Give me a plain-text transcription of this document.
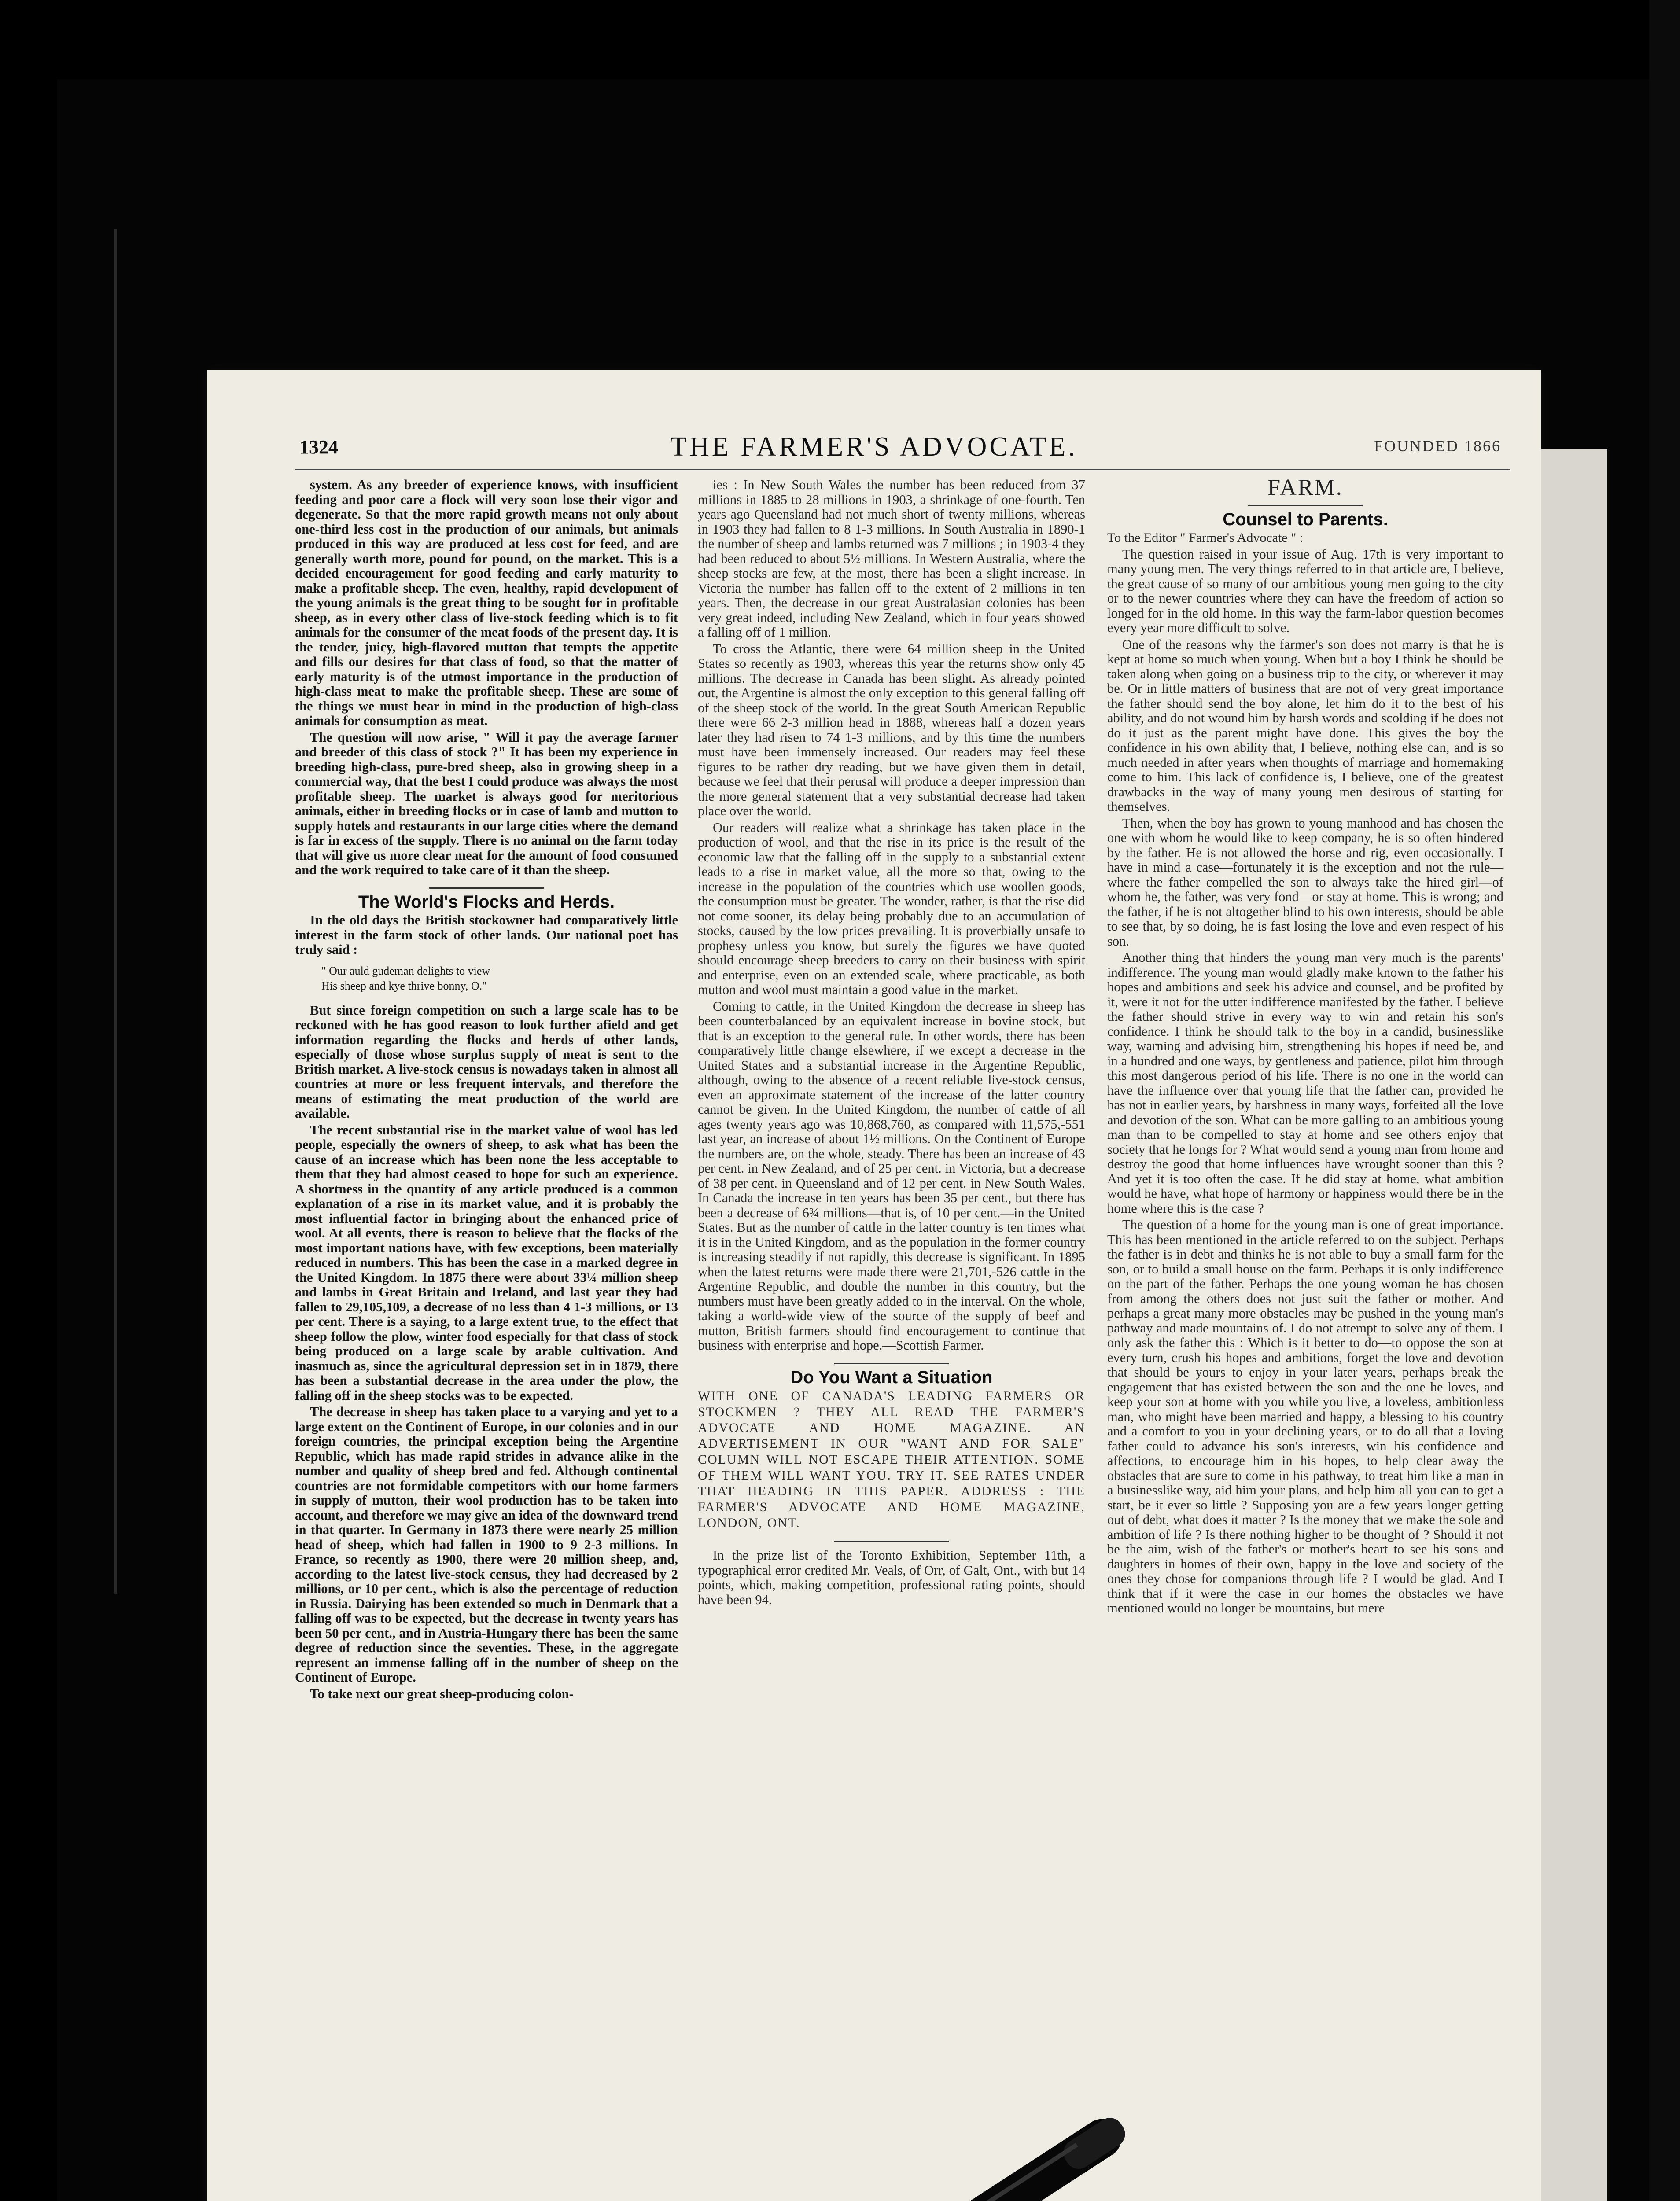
1324	THE FARMER'S ADVOCATE.	FOUNDED 1866

system. As any breeder of experience knows, with insufficient feeding and poor care a flock will very soon lose their vigor and degenerate. So that the more rapid growth means not only about one-third less cost in the production of our animals, but animals produced in this way are produced at less cost for feed, and are generally worth more, pound for pound, on the market. This is a decided encouragement for good feeding and early maturity to make a profitable sheep. The even, healthy, rapid development of the young animals is the great thing to be sought for in profitable sheep, as in every other class of live-stock feeding which is to fit animals for the consumer of the meat foods of the present day. It is the tender, juicy, high-flavored mutton that tempts the appetite and fills our desires for that class of food, so that the matter of early maturity is of the utmost importance in the production of high-class meat to make the profitable sheep. These are some of the things we must bear in mind in the production of high-class animals for consumption as meat.

The question will now arise, " Will it pay the average farmer and breeder of this class of stock ?" It has been my experience in breeding high-class, pure-bred sheep, also in growing sheep in a commercial way, that the best I could produce was always the most profitable sheep. The market is always good for meritorious animals, either in breeding flocks or in case of lamb and mutton to supply hotels and restaurants in our large cities where the demand is far in excess of the supply. There is no animal on the farm today that will give us more clear meat for the amount of food consumed and the work required to take care of it than the sheep.

The World's Flocks and Herds.

In the old days the British stockowner had comparatively little interest in the farm stock of other lands. Our national poet has truly said :

" Our auld gudeman delights to view
His sheep and kye thrive bonny, O."

But since foreign competition on such a large scale has to be reckoned with he has good reason to look further afield and get information regarding the flocks and herds of other lands, especially of those whose surplus supply of meat is sent to the British market. A live-stock census is nowadays taken in almost all countries at more or less frequent intervals, and therefore the means of estimating the meat production of the world are available.

The recent substantial rise in the market value of wool has led people, especially the owners of sheep, to ask what has been the cause of an increase which has been none the less acceptable to them that they had almost ceased to hope for such an experience. A shortness in the quantity of any article produced is a common explanation of a rise in its market value, and it is probably the most influential factor in bringing about the enhanced price of wool. At all events, there is reason to believe that the flocks of the most important nations have, with few exceptions, been materially reduced in numbers. This has been the case in a marked degree in the United Kingdom. In 1875 there were about 33¼ million sheep and lambs in Great Britain and Ireland, and last year they had fallen to 29,105,109, a decrease of no less than 4 1-3 millions, or 13 per cent. There is a saying, to a large extent true, to the effect that sheep follow the plow, winter food especially for that class of stock being produced on a large scale by arable cultivation. And inasmuch as, since the agricultural depression set in in 1879, there has been a substantial decrease in the area under the plow, the falling off in the sheep stocks was to be expected.

The decrease in sheep has taken place to a varying and yet to a large extent on the Continent of Europe, in our colonies and in our foreign countries, the principal exception being the Argentine Republic, which has made rapid strides in advance alike in the number and quality of sheep bred and fed. Although continental countries are not formidable competitors with our home farmers in supply of mutton, their wool production has to be taken into account, and therefore we may give an idea of the downward trend in that quarter. In Germany in 1873 there were nearly 25 million head of sheep, which had fallen in 1900 to 9 2-3 millions. In France, so recently as 1900, there were 20 million sheep, and, according to the latest live-stock census, they had decreased by 2 millions, or 10 per cent., which is also the percentage of reduction in Russia. Dairying has been extended so much in Denmark that a falling off was to be expected, but the decrease in twenty years has been 50 per cent., and in Austria-Hungary there has been the same degree of reduction since the seventies. These, in the aggregate represent an immense falling off in the number of sheep on the Continent of Europe.

To take next our great sheep-producing colon-

ies : In New South Wales the number has been reduced from 37 millions in 1885 to 28 millions in 1903, a shrinkage of one-fourth. Ten years ago Queensland had not much short of twenty millions, whereas in 1903 they had fallen to 8 1-3 millions. In South Australia in 1890-1 the number of sheep and lambs returned was 7 millions ; in 1903-4 they had been reduced to about 5½ millions. In Western Australia, where the sheep stocks are few, at the most, there has been a slight increase. In Victoria the number has fallen off to the extent of 2 millions in ten years. Then, the decrease in our great Australasian colonies has been very great indeed, including New Zealand, which in four years showed a falling off of 1 million.

To cross the Atlantic, there were 64 million sheep in the United States so recently as 1903, whereas this year the returns show only 45 millions. The decrease in Canada has been slight. As already pointed out, the Argentine is almost the only exception to this general falling off of the sheep stock of the world. In the great South American Republic there were 66 2-3 million head in 1888, whereas half a dozen years later they had risen to 74 1-3 millions, and by this time the numbers must have been immensely increased. Our readers may feel these figures to be rather dry reading, but we have given them in detail, because we feel that their perusal will produce a deeper impression than the more general statement that a very substantial decrease had taken place over the world.

Our readers will realize what a shrinkage has taken place in the production of wool, and that the rise in its price is the result of the economic law that the falling off in the supply to a substantial extent leads to a rise in market value, all the more so that, owing to the increase in the population of the countries which use woollen goods, the consumption must be greater. The wonder, rather, is that the rise did not come sooner, its delay being probably due to an accumulation of stocks, caused by the low prices prevailing. It is proverbially unsafe to prophesy unless you know, but surely the figures we have quoted should encourage sheep breeders to carry on their business with spirit and enterprise, even on an extended scale, where practicable, as both mutton and wool must maintain a good value in the market.

Coming to cattle, in the United Kingdom the decrease in sheep has been counterbalanced by an equivalent increase in bovine stock, but that is an exception to the general rule. In other words, there has been comparatively little change elsewhere, if we except a decrease in the United States and a substantial increase in the Argentine Republic, although, owing to the absence of a recent reliable live-stock census, even an approximate statement of the increase of the latter country cannot be given. In the United Kingdom, the number of cattle of all ages twenty years ago was 10,868,760, as compared with 11,575,-551 last year, an increase of about 1½ millions. On the Continent of Europe the numbers are, on the whole, steady. There has been an increase of 43 per cent. in New Zealand, and of 25 per cent. in Victoria, but a decrease of 38 per cent. in Queensland and of 12 per cent. in New South Wales. In Canada the increase in ten years has been 35 per cent., but there has been a decrease of 6¾ millions—that is, of 10 per cent.—in the United States. But as the number of cattle in the latter country is ten times what it is in the United Kingdom, and as the population in the former country is increasing steadily if not rapidly, this decrease is significant. In 1895 when the latest returns were made there were 21,701,-526 cattle in the Argentine Republic, and double the number in this country, but the numbers must have been greatly added to in the interval. On the whole, taking a world-wide view of the source of the supply of beef and mutton, British farmers should find encouragement to continue that business with enterprise and hope.—Scottish Farmer.

Do You Want a Situation

WITH ONE OF CANADA'S LEADING FARMERS OR STOCKMEN ? THEY ALL READ THE FARMER'S ADVOCATE AND HOME MAGAZINE. AN ADVERTISEMENT IN OUR "WANT AND FOR SALE" COLUMN WILL NOT ESCAPE THEIR ATTENTION. SOME OF THEM WILL WANT YOU. TRY IT. SEE RATES UNDER THAT HEADING IN THIS PAPER. ADDRESS : THE FARMER'S ADVOCATE AND HOME MAGAZINE, LONDON, ONT.

In the prize list of the Toronto Exhibition, September 11th, a typographical error credited Mr. Veals, of Orr, of Galt, Ont., with but 14 points, which, making competition, professional rating points, should have been 94.

FARM.
Counsel to Parents.

To the Editor " Farmer's Advocate " :

The question raised in your issue of Aug. 17th is very important to many young men. The very things referred to in that article are, I believe, the great cause of so many of our ambitious young men going to the city or to the newer countries where they can have the freedom of action so longed for in the old home. In this way the farm-labor question becomes every year more difficult to solve.

One of the reasons why the farmer's son does not marry is that he is kept at home so much when young. When but a boy I think he should be taken along when going on a business trip to the city, or wherever it may be. Or in little matters of business that are not of very great importance the father should send the boy alone, let him do it to the best of his ability, and do not wound him by harsh words and scolding if he does not do it just as the parent might have done. This gives the boy the confidence in his own ability that, I believe, nothing else can, and is so much needed in after years when thoughts of marriage and homemaking come to him. This lack of confidence is, I believe, one of the greatest drawbacks in the way of many young men desirous of starting for themselves.

Then, when the boy has grown to young manhood and has chosen the one with whom he would like to keep company, he is so often hindered by the father. He is not allowed the horse and rig, even occasionally. I have in mind a case—fortunately it is the exception and not the rule—where the father compelled the son to always take the hired girl—of whom he, the father, was very fond—or stay at home. This is wrong; and the father, if he is not altogether blind to his own interests, should be able to see that, by so doing, he is fast losing the love and even respect of his son.

Another thing that hinders the young man very much is the parents' indifference. The young man would gladly make known to the father his hopes and ambitions and seek his advice and counsel, and be profited by it, were it not for the utter indifference manifested by the father. I believe the father should strive in every way to win and retain his son's confidence. I think he should talk to the boy in a candid, businesslike way, warning and advising him, strengthening his hopes if need be, and in a hundred and one ways, by gentleness and patience, pilot him through this most dangerous period of his life. There is no one in the world can have the influence over that young life that the father can, provided he has not in earlier years, by harshness in many ways, forfeited all the love and devotion of the son. What can be more galling to an ambitious young man than to be compelled to stay at home and see others enjoy that society that he longs for ? What would send a young man from home and destroy the good that home influences have wrought sooner than this ? And yet it is too often the case. If he did stay at home, what ambition would he have, what hope of harmony or happiness would there be in the home where this is the case ?

The question of a home for the young man is one of great importance. This has been mentioned in the article referred to on the subject. Perhaps the father is in debt and thinks he is not able to buy a small farm for the son, or to build a small house on the farm. Perhaps it is only indifference on the part of the father. Perhaps the one young woman he has chosen from among the others does not just suit the father or mother. And perhaps a great many more obstacles may be pushed in the young man's pathway and made mountains of. I do not attempt to solve any of them. I only ask the father this : Which is it better to do—to oppose the son at every turn, crush his hopes and ambitions, forget the love and devotion that should be yours to enjoy in your later years, perhaps break the engagement that has existed between the son and the one he loves, and keep your son at home with you while you live, a loveless, ambitionless man, who might have been married and happy, a blessing to his country and a comfort to you in your declining years, or to do all that a loving father could to advance his son's interests, win his confidence and affections, to encourage him in his hopes, to help clear away the obstacles that are sure to come in his pathway, to treat him like a man in a businesslike way, aid him your plans, and help him all you can to get a start, be it ever so little ? Supposing you are a few years longer getting out of debt, what does it matter ? Is the money that we make the sole and ambition of life ? Is there nothing higher to be thought of ? Should it not be the aim, wish of the father's or mother's heart to see his sons and daughters in homes of their own, happy in the love and society of the ones they chose for companions through life ? I would be glad. And I think that if it were the case in our homes the obstacles we have mentioned would no longer be mountains, but mere
